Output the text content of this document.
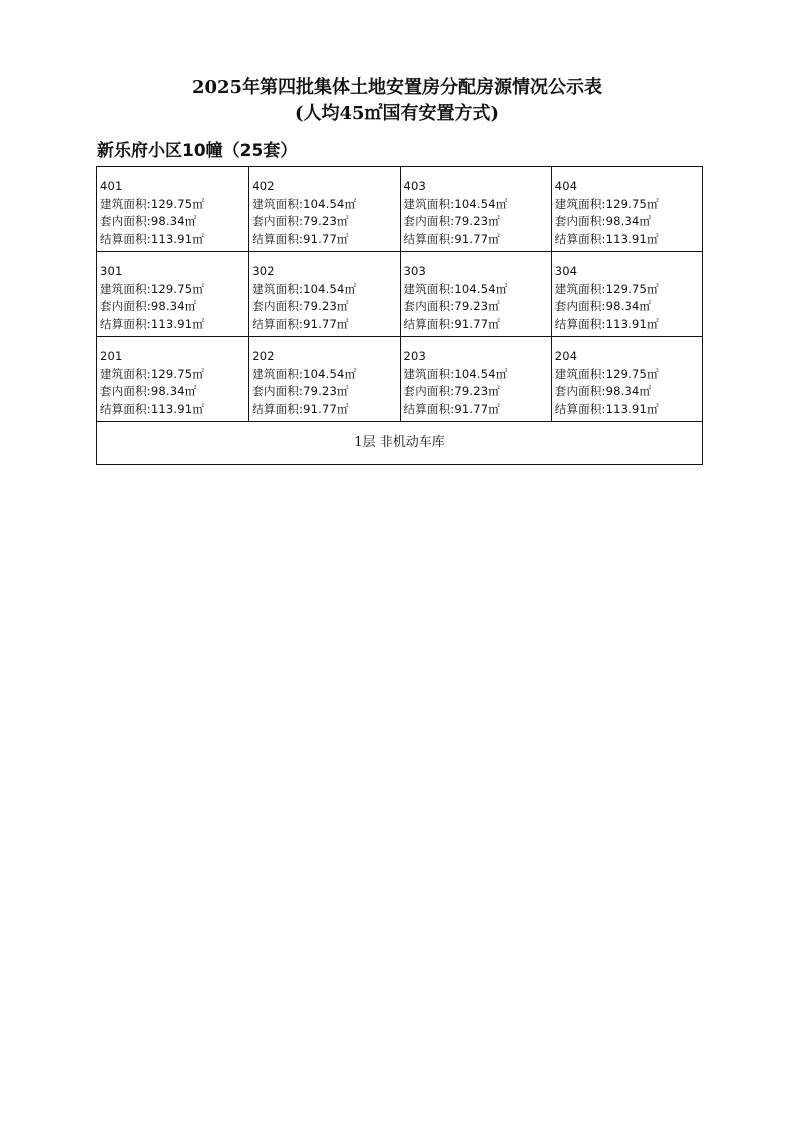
2025年第四批集体土地安置房分配房源情况公示表
(人均45㎡国有安置方式)
新乐府小区10幢（25套）
401
建筑面积:129.75㎡
套内面积:98.34㎡
结算面积:113.91㎡
402
建筑面积:104.54㎡
套内面积:79.23㎡
结算面积:91.77㎡
403
建筑面积:104.54㎡
套内面积:79.23㎡
结算面积:91.77㎡
404
建筑面积:129.75㎡
套内面积:98.34㎡
结算面积:113.91㎡
301
建筑面积:129.75㎡
套内面积:98.34㎡
结算面积:113.91㎡
302
建筑面积:104.54㎡
套内面积:79.23㎡
结算面积:91.77㎡
303
建筑面积:104.54㎡
套内面积:79.23㎡
结算面积:91.77㎡
304
建筑面积:129.75㎡
套内面积:98.34㎡
结算面积:113.91㎡
201
建筑面积:129.75㎡
套内面积:98.34㎡
结算面积:113.91㎡
202
建筑面积:104.54㎡
套内面积:79.23㎡
结算面积:91.77㎡
203
建筑面积:104.54㎡
套内面积:79.23㎡
结算面积:91.77㎡
204
建筑面积:129.75㎡
套内面积:98.34㎡
结算面积:113.91㎡
1层 非机动车库
